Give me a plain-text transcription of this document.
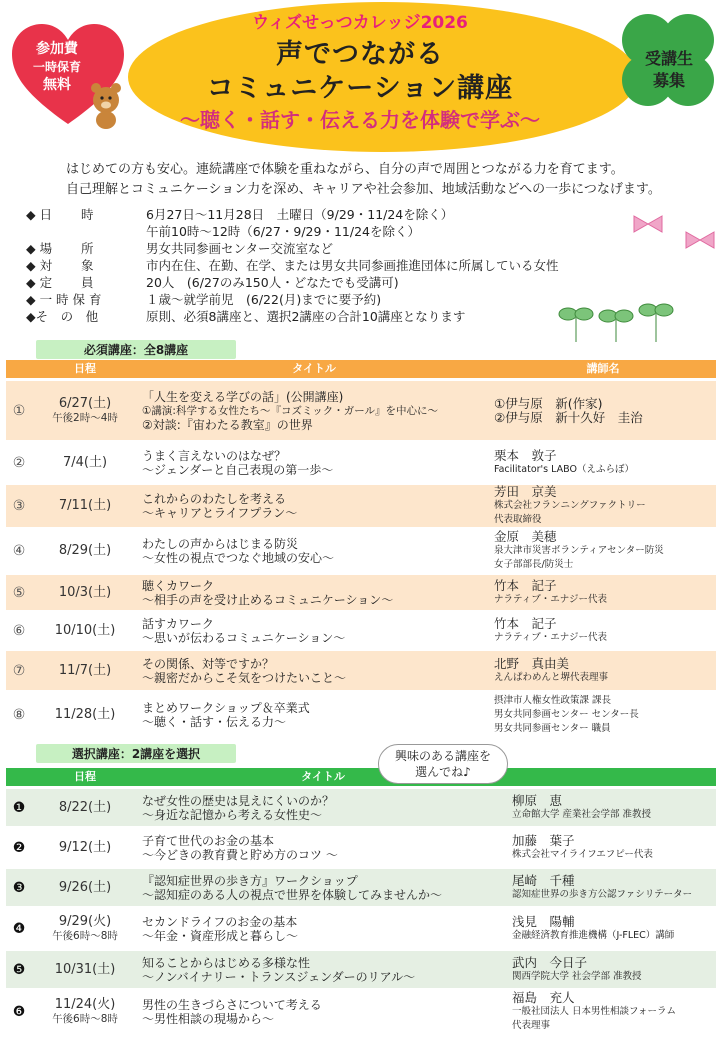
ウィズせっつカレッジ2026
声でつながる
コミュニケーション講座
～聴く・話す・伝える力を体験で学ぶ～
参加費
一時保育
無料
受講生
募集
はじめての方も安心。連続講座で体験を重ねながら、自分の声で周囲とつながる力を育てます。
自己理解とコミュニケーション力を深め、キャリアや社会参加、地域活動などへの一歩につなげます。
◆ 日　　 時	6月27日～11月28日　土曜日（9/29・11/24を除く）
午前10時～12時（6/27・9/29・11/24を除く）
◆ 場　　 所	男女共同参画センター交流室など
◆ 対　　 象	市内在住、在勤、在学、または男女共同参画推進団体に所属している女性
◆ 定　　 員	20人　(6/27のみ150人・どなたでも受講可)
◆ 一 時 保 育	１歳～就学前児　(6/22(月)までに要予約)
◆そ　の　他	原則、必須8講座と、選択2講座の合計10講座となります
必須講座：全8講座
	日程	タイトル	講師名
①	6/27(土)
午後2時～4時	「人生を変える学びの話」(公開講座)
①講演:科学する女性たち～『コズミック・ガール』を中心に～
②対談:『宙わたる教室』の世界	①伊与原　新(作家)
②伊与原　新十久好　圭治

②	7/4(土)	うまく言えないのはなぜ？
～ジェンダーと自己表現の第一歩～	栗本　敦子
Facilitator's LABO（えふらぼ）

③	7/11(土)	これからのわたしを考える
～キャリアとライフプラン～	芳田　京美
株式会社フランニングファクトリー
代表取締役

④	8/29(土)	わたしの声からはじまる防災
～女性の視点でつなぐ地域の安心～	金原　美穂
泉大津市災害ボランティアセンター防災
女子部部長/防災士

⑤	10/3(土)	聴くカワーク
～相手の声を受け止めるコミュニケーション～	竹本　記子
ナラティブ・エナジー代表

⑥	10/10(土)	話すカワーク
～思いが伝わるコミュニケーション～	竹本　記子
ナラティブ・エナジー代表

⑦	11/7(土)	その関係、対等ですか？
～親密だからこそ気をつけたいこと～	北野　真由美
えんぱわめんと堺代表理事

⑧	11/28(土)	まとめワークショップ＆卒業式
～聴く・話す・伝える力～	摂津市人権女性政策課 課長
男女共同参画センター センター長
男女共同参画センター 職員
選択講座：2講座を選択
	日程	タイトル	
❶	8/22(土)	なぜ女性の歴史は見えにくいのか？
～身近な記憶から考える女性史～	柳原　恵
立命館大学 産業社会学部 准教授

❷	9/12(土)	子育て世代のお金の基本
～今どきの教育費と貯め方のコツ ～	加藤　葉子
株式会社マイライフエフピー代表

❸	9/26(土)	『認知症世界の歩き方』ワークショップ
～認知症のある人の視点で世界を体験してみませんか～	尾崎　千種
認知症世界の歩き方公認ファシリテーター

❹	9/29(火)
午後6時～8時	セカンドライフのお金の基本
～年金・資産形成と暮らし～	浅見　陽輔
金融経済教育推進機構（J-FLEC）講師

❺	10/31(土)	知ることからはじめる多様な性
～ノンバイナリー・トランスジェンダーのリアル～	武内　今日子
関西学院大学 社会学部 准教授

❻	11/24(火)
午後6時～8時	男性の生きづらさについて考える
～男性相談の現場から～	福島　充人
一般社団法人 日本男性相談フォーラム
代表理事
興味のある講座を
選んでね♪
